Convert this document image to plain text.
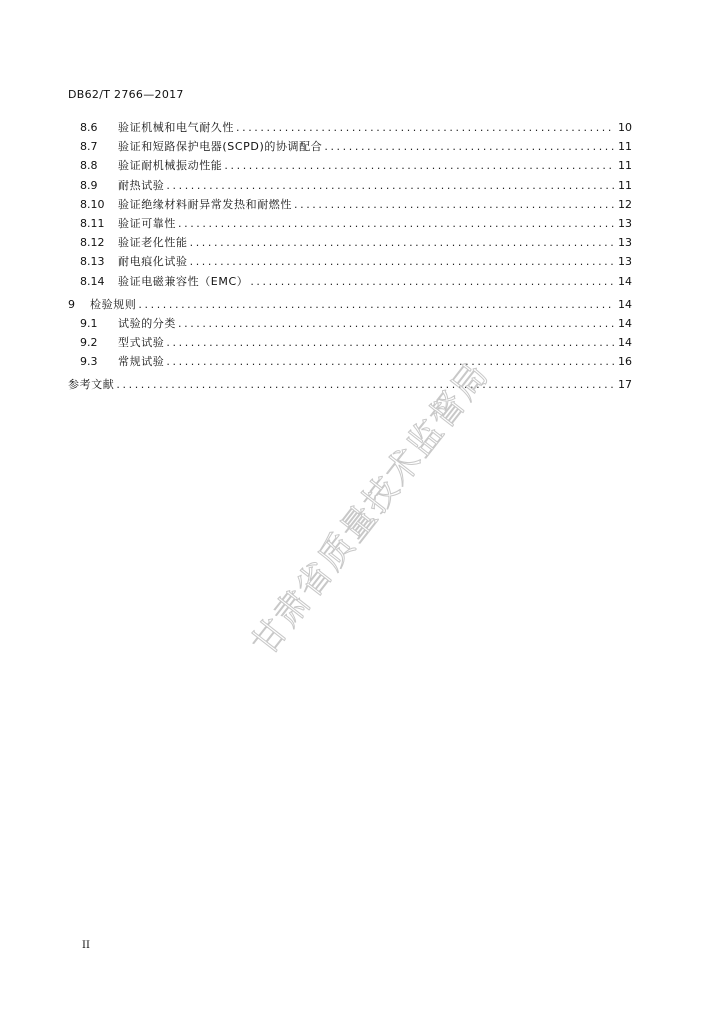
DB62/T 2766—2017
8.6	验证机械和电气耐久性 .....	10
8.7	验证和短路保护电器(SCPD)的协调配合 .....	11
8.8	验证耐机械振动性能 .....	11
8.9	耐热试验 .....	11
8.10	验证绝缘材料耐异常发热和耐燃性 .....	12
8.11	验证可靠性 .....	13
8.12	验证老化性能 .....	13
8.13	耐电痕化试验 .....	13
8.14	验证电磁兼容性（EMC） .....	14
9	检验规则 .....	14
9.1	试验的分类 .....	14
9.2	型式试验 .....	14
9.3	常规试验 .....	16
参考文献 .....	17
甘肃省质量技术监督局
II
